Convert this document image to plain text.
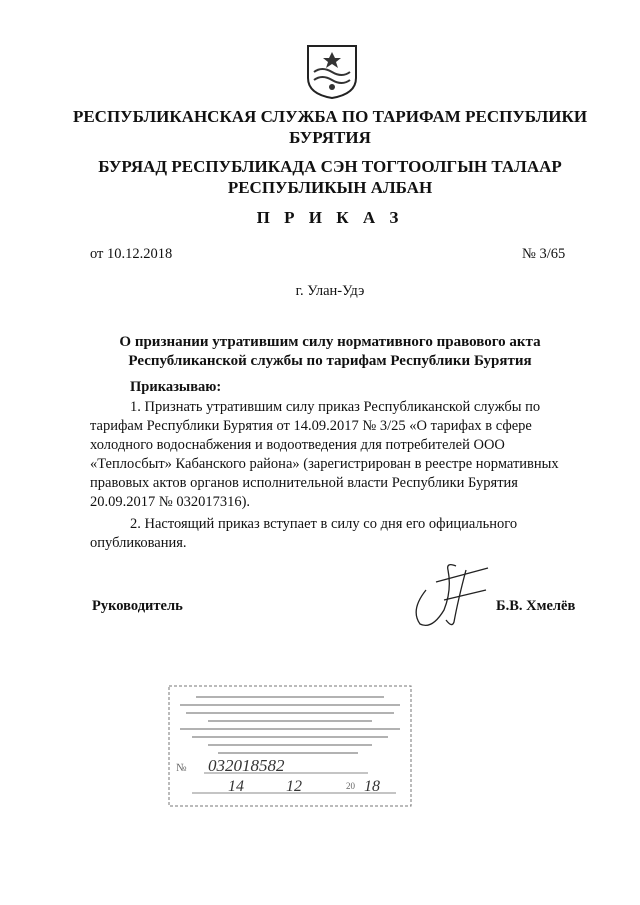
РЕСПУБЛИКАНСКАЯ СЛУЖБА ПО ТАРИФАМ РЕСПУБЛИКИ
БУРЯТИЯ
БУРЯАД РЕСПУБЛИКАДА СЭН ТОГТООЛГЫН ТАЛААР
РЕСПУБЛИКЫН АЛБАН
П Р И К А З
от 10.12.2018	№ 3/65
г. Улан-Удэ
О признании утратившим силу нормативного правового акта
Республиканской службы по тарифам Республики Бурятия
Приказываю:
1. Признать утратившим силу приказ Республиканской службы по
тарифам Республики Бурятия от 14.09.2017 № 3/25 «О тарифах в сфере
холодного водоснабжения и водоотведения для потребителей ООО
«Теплосбыт» Кабанского района» (зарегистрирован в реестре нормативных
правовых актов органов исполнительной власти Республики Бурятия
20.09.2017 № 032017316).
2. Настоящий приказ вступает в силу со дня его официального
опубликования.
Руководитель	Б.В. Хмелёв
№ 032018582
14	12	20 18
